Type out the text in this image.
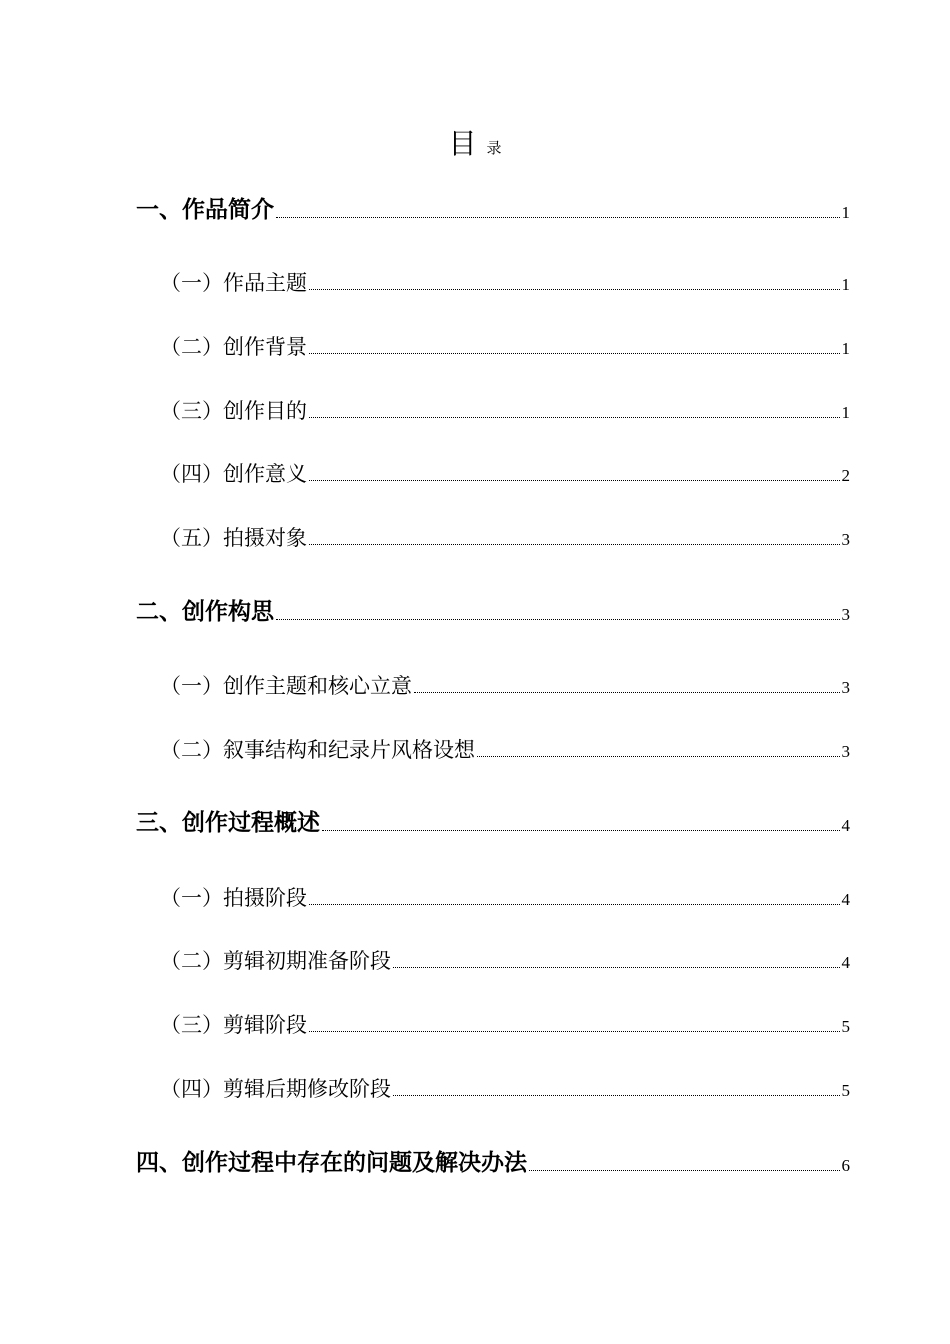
目录
一、作品简介	1
（一）作品主题	1
（二）创作背景	1
（三）创作目的	1
（四）创作意义	2
（五）拍摄对象	3
二、创作构思	3
（一）创作主题和核心立意	3
（二）叙事结构和纪录片风格设想	3
三、创作过程概述	4
（一）拍摄阶段	4
（二）剪辑初期准备阶段	4
（三）剪辑阶段	5
（四）剪辑后期修改阶段	5
四、创作过程中存在的问题及解决办法	6
